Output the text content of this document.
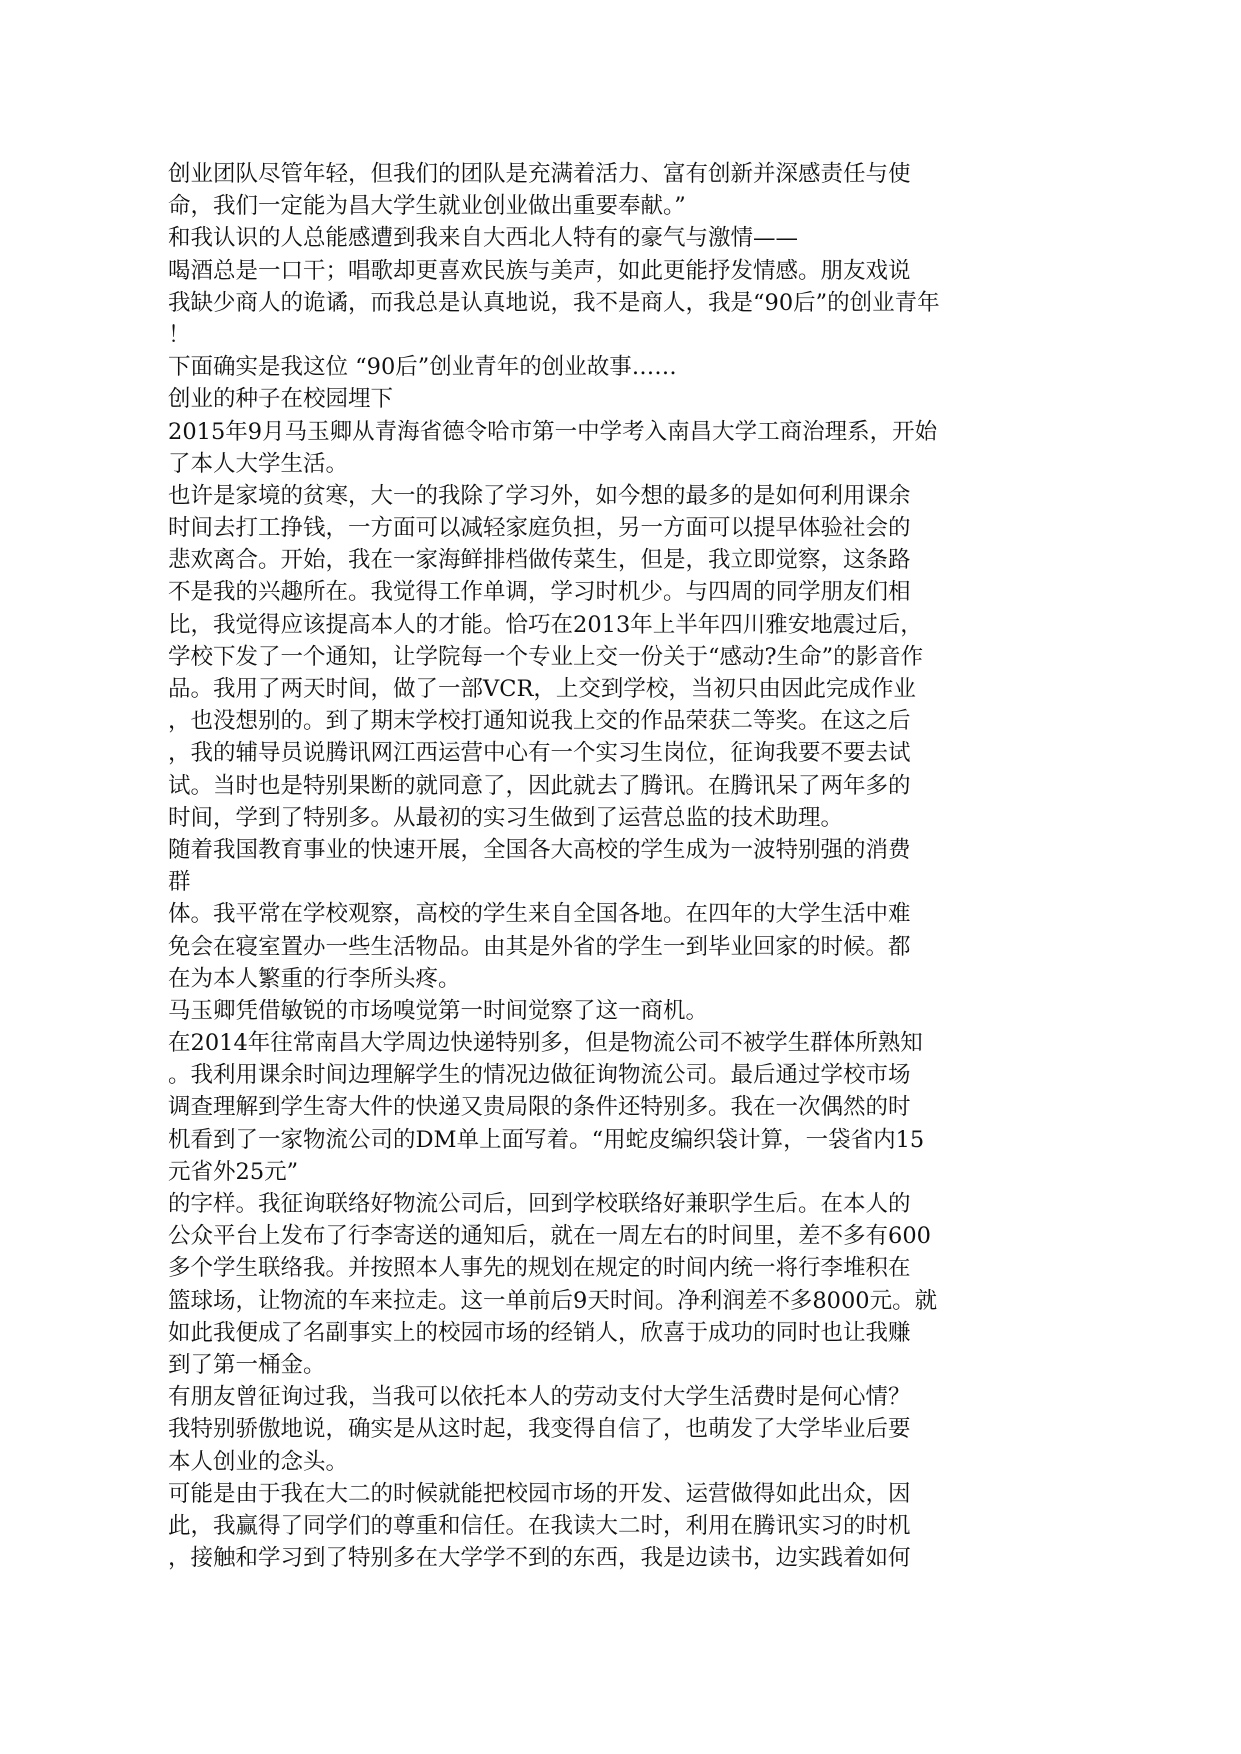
创业团队尽管年轻，但我们的团队是充满着活力、富有创新并深感责任与使
命，我们一定能为昌大学生就业创业做出重要奉献。”
和我认识的人总能感遭到我来自大西北人特有的豪气与激情——
喝酒总是一口干；唱歌却更喜欢民族与美声，如此更能抒发情感。朋友戏说
我缺少商人的诡谲，而我总是认真地说，我不是商人，我是“90后”的创业青年
！
下面确实是我这位 “90后”创业青年的创业故事……
创业的种子在校园埋下
2015年9月马玉卿从青海省德令哈市第一中学考入南昌大学工商治理系，开始
了本人大学生活。
也许是家境的贫寒，大一的我除了学习外，如今想的最多的是如何利用课余
时间去打工挣钱，一方面可以减轻家庭负担，另一方面可以提早体验社会的
悲欢离合。开始，我在一家海鲜排档做传菜生，但是，我立即觉察，这条路
不是我的兴趣所在。我觉得工作单调，学习时机少。与四周的同学朋友们相
比，我觉得应该提高本人的才能。恰巧在2013年上半年四川雅安地震过后，
学校下发了一个通知，让学院每一个专业上交一份关于“感动?生命”的影音作
品。我用了两天时间，做了一部VCR，上交到学校，当初只由因此完成作业
，也没想别的。到了期末学校打通知说我上交的作品荣获二等奖。在这之后
，我的辅导员说腾讯网江西运营中心有一个实习生岗位，征询我要不要去试
试。当时也是特别果断的就同意了，因此就去了腾讯。在腾讯呆了两年多的
时间，学到了特别多。从最初的实习生做到了运营总监的技术助理。
随着我国教育事业的快速开展，全国各大高校的学生成为一波特别强的消费
群
体。我平常在学校观察，高校的学生来自全国各地。在四年的大学生活中难
免会在寝室置办一些生活物品。由其是外省的学生一到毕业回家的时候。都
在为本人繁重的行李所头疼。
马玉卿凭借敏锐的市场嗅觉第一时间觉察了这一商机。
在2014年往常南昌大学周边快递特别多，但是物流公司不被学生群体所熟知
。我利用课余时间边理解学生的情况边做征询物流公司。最后通过学校市场
调查理解到学生寄大件的快递又贵局限的条件还特别多。我在一次偶然的时
机看到了一家物流公司的DM单上面写着。“用蛇皮编织袋计算，一袋省内15
元省外25元”
的字样。我征询联络好物流公司后，回到学校联络好兼职学生后。在本人的
公众平台上发布了行李寄送的通知后，就在一周左右的时间里，差不多有600
多个学生联络我。并按照本人事先的规划在规定的时间内统一将行李堆积在
篮球场，让物流的车来拉走。这一单前后9天时间。净利润差不多8000元。就
如此我便成了名副事实上的校园市场的经销人，欣喜于成功的同时也让我赚
到了第一桶金。
有朋友曾征询过我，当我可以依托本人的劳动支付大学生活费时是何心情？
我特别骄傲地说，确实是从这时起，我变得自信了，也萌发了大学毕业后要
本人创业的念头。
可能是由于我在大二的时候就能把校园市场的开发、运营做得如此出众，因
此，我赢得了同学们的尊重和信任。在我读大二时，利用在腾讯实习的时机
，接触和学习到了特别多在大学学不到的东西，我是边读书，边实践着如何
